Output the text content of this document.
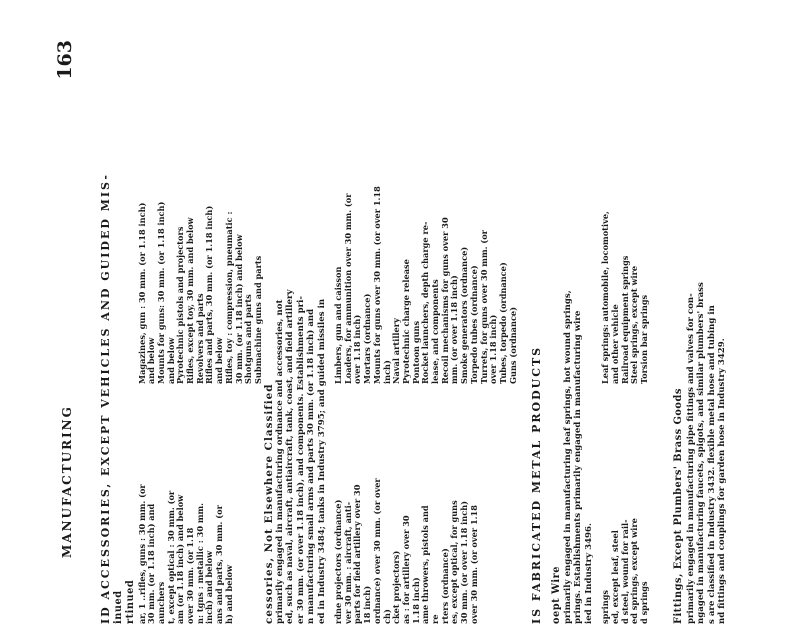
MANUFACTURING
163
ID ACCESSORIES, EXCEPT VEHICLES AND GUIDED MIS- inued rtinued ar, 1 ..rifles, guns : 30 mm. (or 30 mm. (or 1.18 inch) and aunchers t, except optical : 30 mm. (or am (or 1.18 inch) and below over 30 mm. (or 1.18 n: tgns : metallic : 30 mm. inch) and below ans and parts, 30 mm. (or h) and below
Magazines, gun : 30 mm. (or 1.18 inch) and below Mounts for guns: 30 mm. (or 1.18 inch) and below Pyrotechnic pistols and projectors Rifles, except toy, 30 mm. and below Revolvers and parts Rifles and parts, 30 mm. (or 1.18 inch) and below Rifles, toy : compression, pneumatic : 30 mm. (or 1.18 inch) and below Shotguns and parts Submachine guns and parts
cessories, Not Elsewhere Classified primarily engaged in manufacturing ordnance and accessories, not ed, such as naval, aircraft, antiaircraft, tank, coast, and field artillery er 30 mm. (or over 1.18 inch), and components. Establishments pri- n manufacturing small arms and parts 30 mm. (or 1.18 inch) and ed in Industry 3484; tanks in Industry 3795; and guided missiles in rdne projectors (ordnance) ver 30 mm. : aircraft, anti- parts for field artillery over 30 18 inch) ordnance) over 30 mm. (or over ch) cket projectors) as : for artillery over 30 1.18 inch) ame throwers, pistols and re rters (ordnance) es, except optical, for guns 30 mm. (or over 1.18 inch) over 30 mm. (or over 1.18
Limbers, gun and caisson Loaders, for ammunition over 30 mm. (or over 1.18 inch) Mortars (ordnance) Mounts for guns over 30 mm. (or over 1.18 inch) Naval artillery Pyrotechnic charge release Pontoon guns Rocket launchers, depth charge re- lease, and components Recoil mechanisms for guns over 30 mm. (or over 1.18 inch) Smoke generators (ordnance) Torpedo tubes (ordnance) Turrets, for guns over 30 mm. (or over 1.18 inch) Tubes, torpedo (ordnance) Guns (ordnance)
IS FABRICATED METAL PRODUCTS oept Wire primarily engaged in manufacturing leaf springs, hot wound springs, prings. Establishments primarily engaged in manufacturing wire ied in Industry 3496. springs ed, except leaf, steel d steel, wound for rail- ed springs, except wire d springs
Leaf springs: automobile, locomotive, and other vehicle Railroad equipment springs Steel springs, except wire Torsion bar springs
Fittings, Except Plumbers' Brass Goods primarily engaged in manufacturing pipe fittings and valves for con- ngaged in manufacturing faucets, spigots, and similar plumbers' brass s are classified in Industry 3432. flexible metal hose and tubing in nd fittings and couplings for garden hose in Industry 3429.
